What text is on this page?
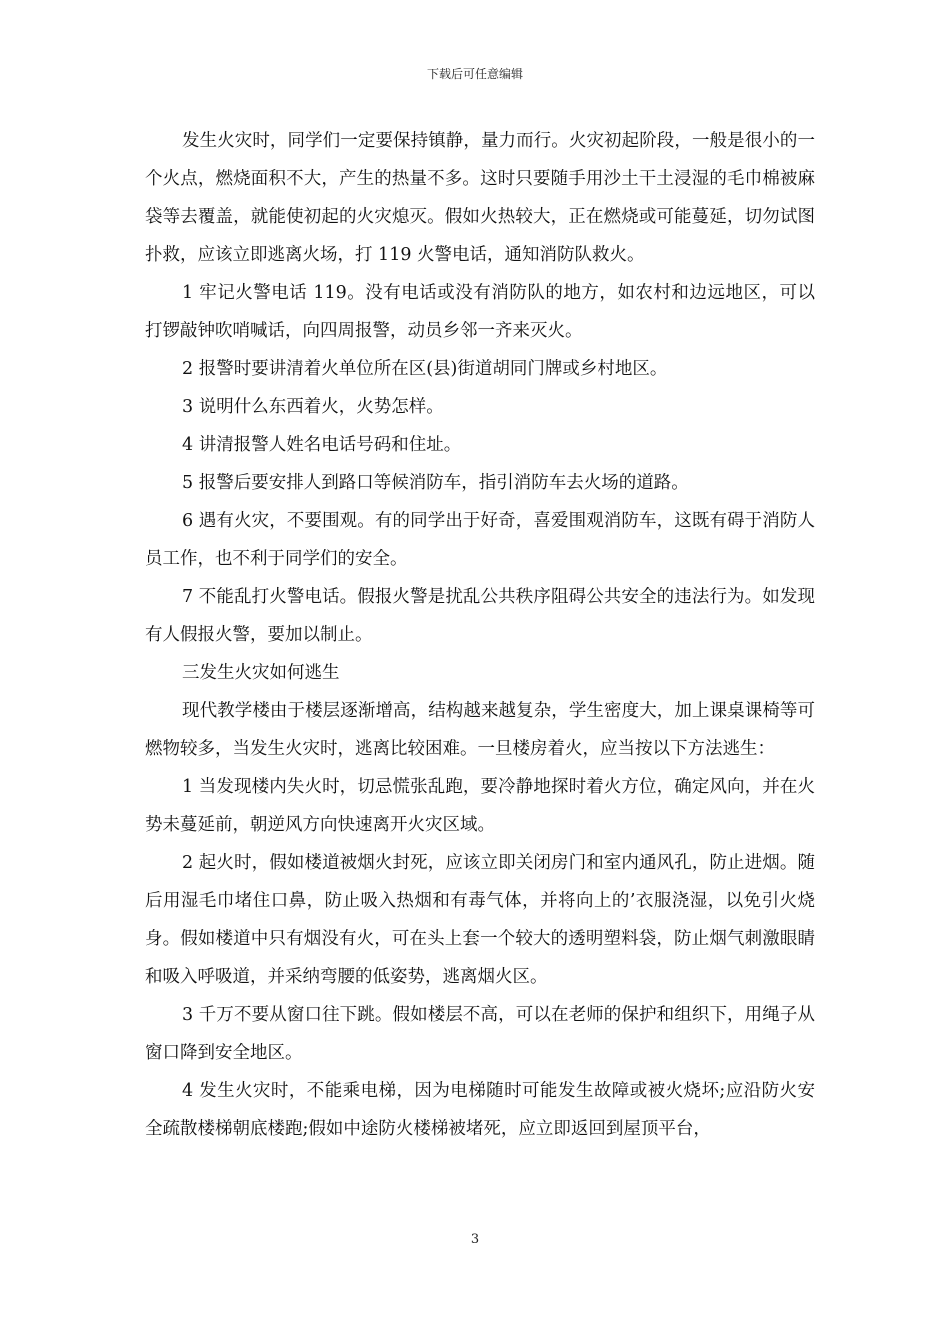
下载后可任意编辑

发生火灾时，同学们一定要保持镇静，量力而行。火灾初起阶段，一般是很小的一个火点，燃烧面积不大，产生的热量不多。这时只要随手用沙土干土浸湿的毛巾棉被麻袋等去覆盖，就能使初起的火灾熄灭。假如火热较大，正在燃烧或可能蔓延，切勿试图扑救，应该立即逃离火场，打 119 火警电话，通知消防队救火。

1 牢记火警电话 119。没有电话或没有消防队的地方，如农村和边远地区，可以打锣敲钟吹哨喊话，向四周报警，动员乡邻一齐来灭火。

2 报警时要讲清着火单位所在区(县)街道胡同门牌或乡村地区。

3 说明什么东西着火，火势怎样。

4 讲清报警人姓名电话号码和住址。

5 报警后要安排人到路口等候消防车，指引消防车去火场的道路。

6 遇有火灾，不要围观。有的同学出于好奇，喜爱围观消防车，这既有碍于消防人员工作，也不利于同学们的安全。

7 不能乱打火警电话。假报火警是扰乱公共秩序阻碍公共安全的违法行为。如发现有人假报火警，要加以制止。

三发生火灾如何逃生

现代教学楼由于楼层逐渐增高，结构越来越复杂，学生密度大，加上课桌课椅等可燃物较多，当发生火灾时，逃离比较困难。一旦楼房着火，应当按以下方法逃生：

1 当发现楼内失火时，切忌慌张乱跑，要冷静地探时着火方位，确定风向，并在火势未蔓延前，朝逆风方向快速离开火灾区域。

2 起火时，假如楼道被烟火封死，应该立即关闭房门和室内通风孔，防止进烟。随后用湿毛巾堵住口鼻，防止吸入热烟和有毒气体，并将向上的’衣服浇湿，以免引火烧身。假如楼道中只有烟没有火，可在头上套一个较大的透明塑料袋，防止烟气刺激眼睛和吸入呼吸道，并采纳弯腰的低姿势，逃离烟火区。

3 千万不要从窗口往下跳。假如楼层不高，可以在老师的保护和组织下，用绳子从窗口降到安全地区。

4 发生火灾时，不能乘电梯，因为电梯随时可能发生故障或被火烧坏;应沿防火安全疏散楼梯朝底楼跑;假如中途防火楼梯被堵死，应立即返回到屋顶平台，

3
